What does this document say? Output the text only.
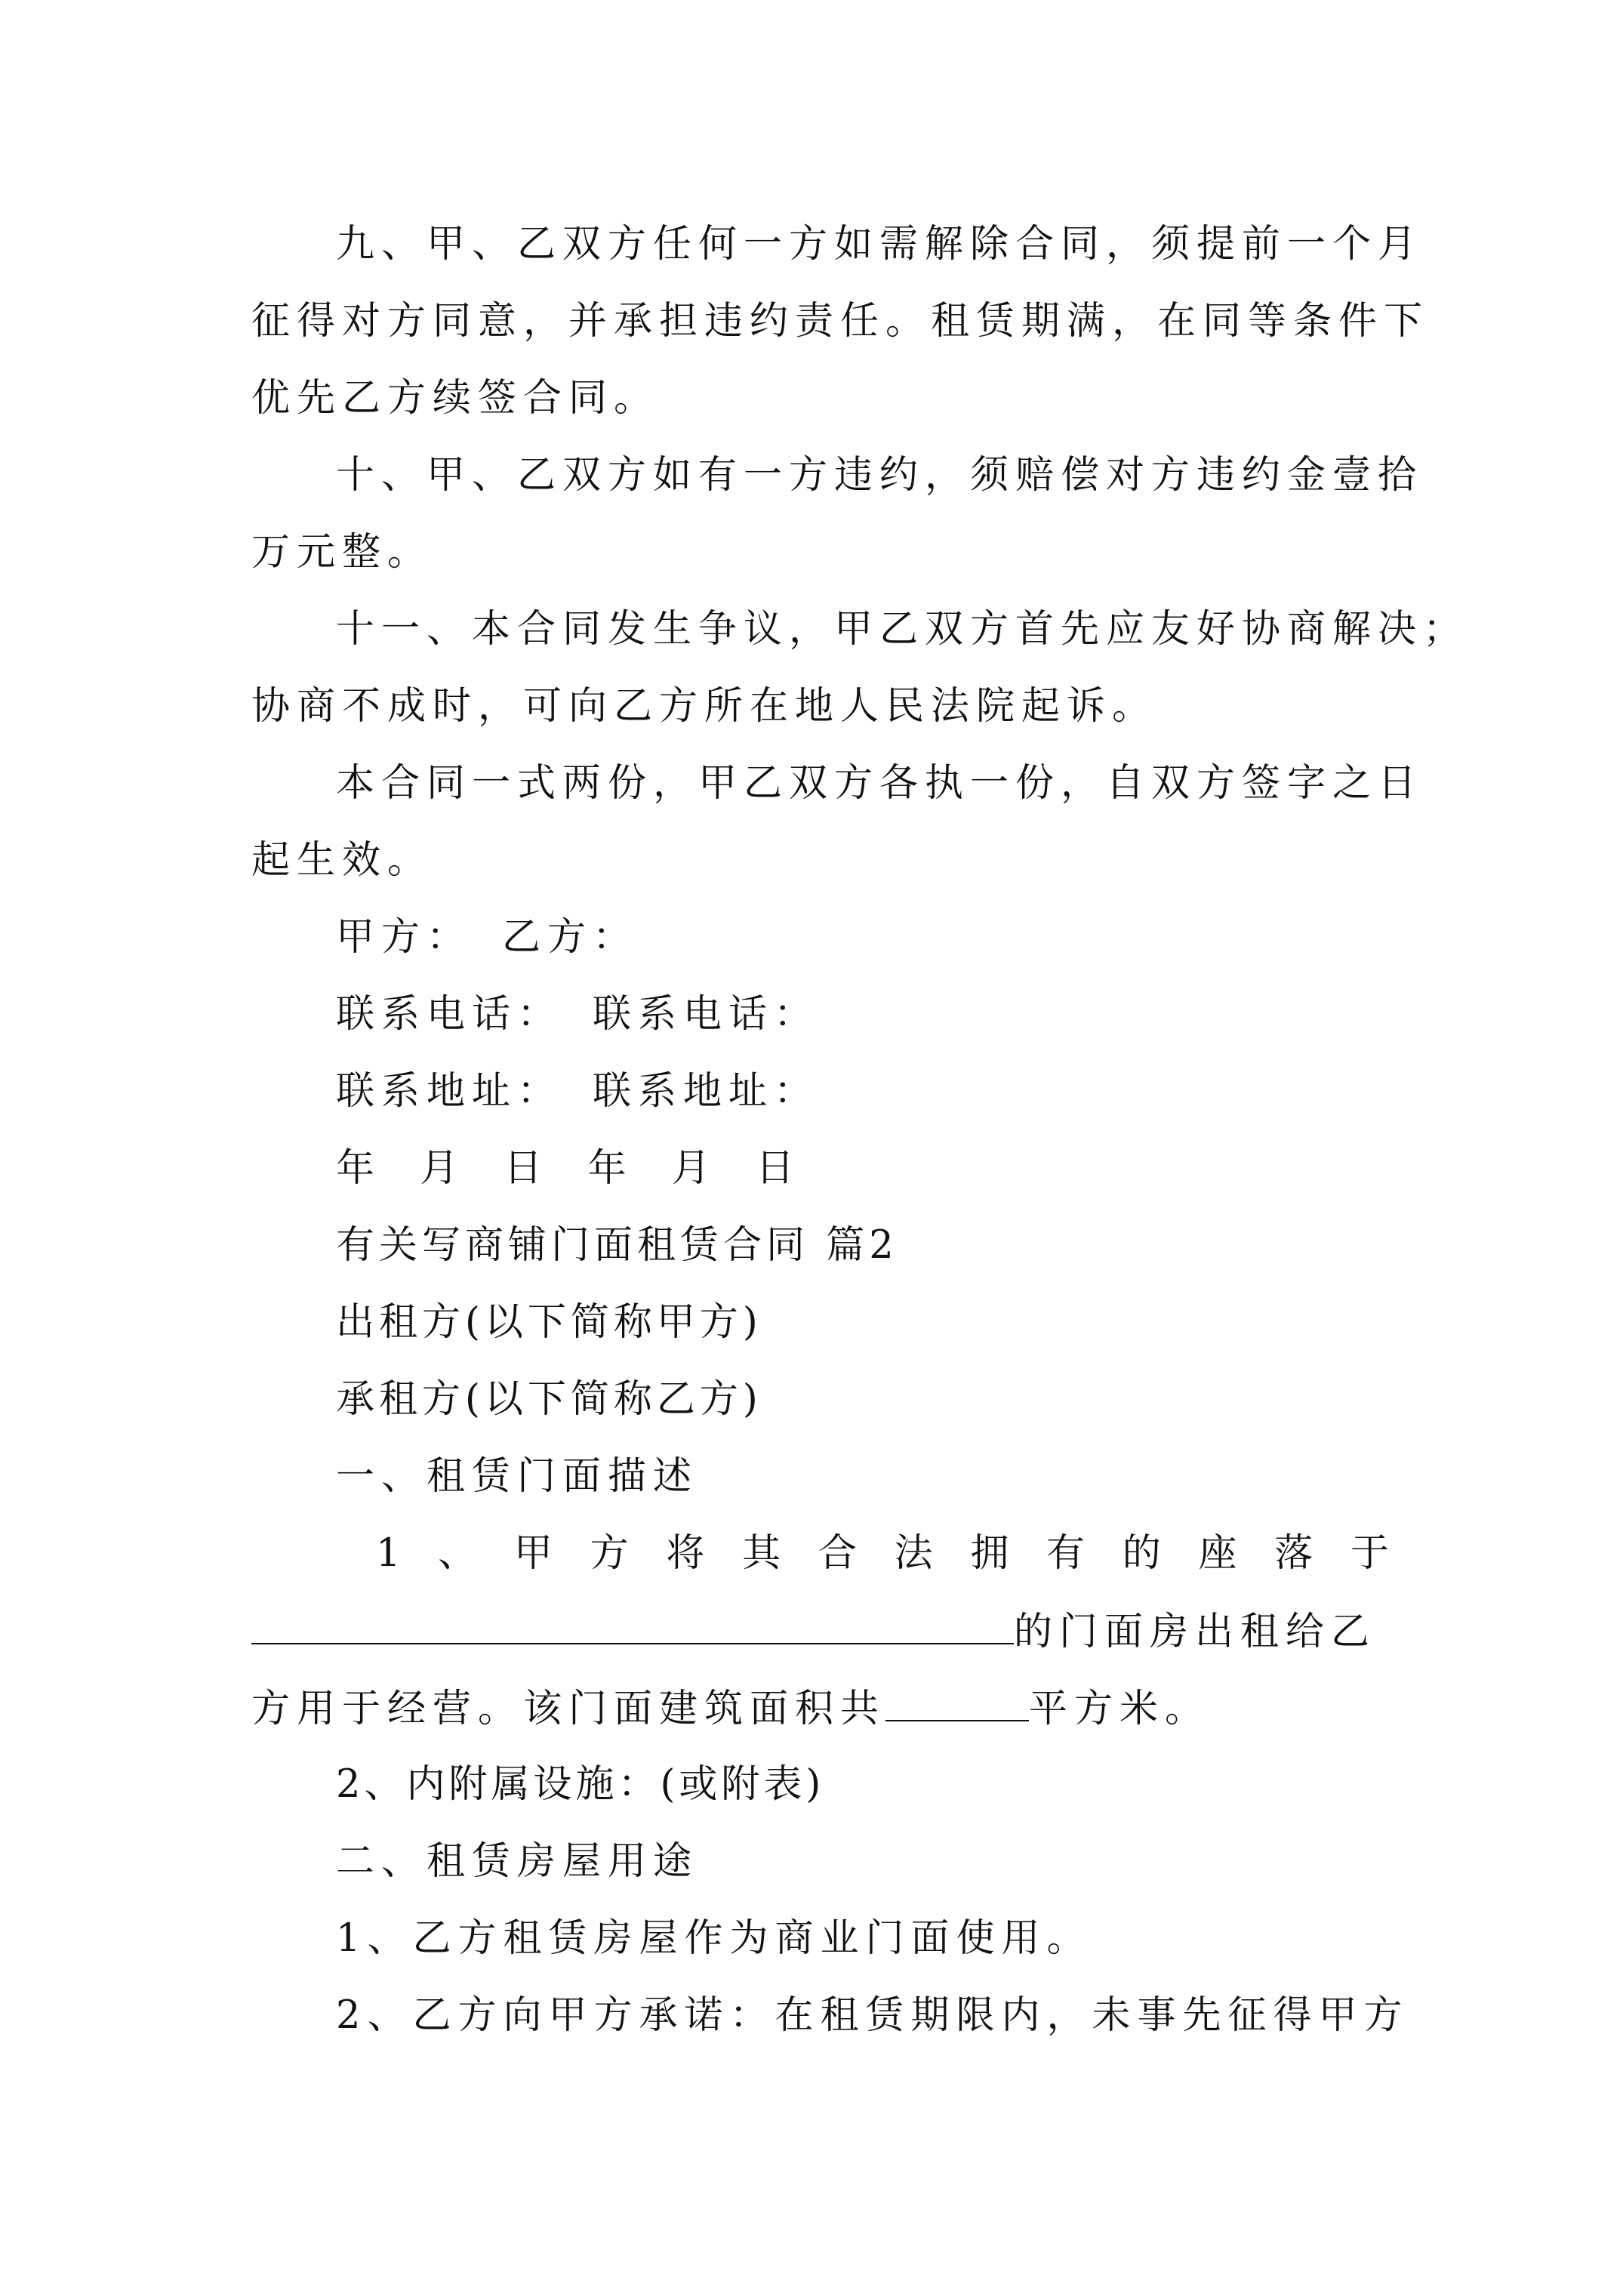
九、甲、乙双方任何一方如需解除合同，须提前一个月
征得对方同意，并承担违约责任。租赁期满，在同等条件下
优先乙方续签合同。
十、甲、乙双方如有一方违约，须赔偿对方违约金壹拾
万元整。
十一、本合同发生争议，甲乙双方首先应友好协商解决；
协商不成时，可向乙方所在地人民法院起诉。
本合同一式两份，甲乙双方各执一份，自双方签字之日
起生效。
甲方： 乙方：
联系电话： 联系电话：
联系地址： 联系地址：
年 月 日 年 月 日
有关写商铺门面租赁合同 篇2
出租方(以下简称甲方)
承租方(以下简称乙方)
一、租赁门面描述
1 、 甲 方 将 其 合 法 拥 有 的 座 落 于
的门面房出租给乙
方用于经营。该门面建筑面积共	平方米。
2、内附属设施：(或附表)
二、租赁房屋用途
1、乙方租赁房屋作为商业门面使用。
2、乙方向甲方承诺：在租赁期限内，未事先征得甲方
